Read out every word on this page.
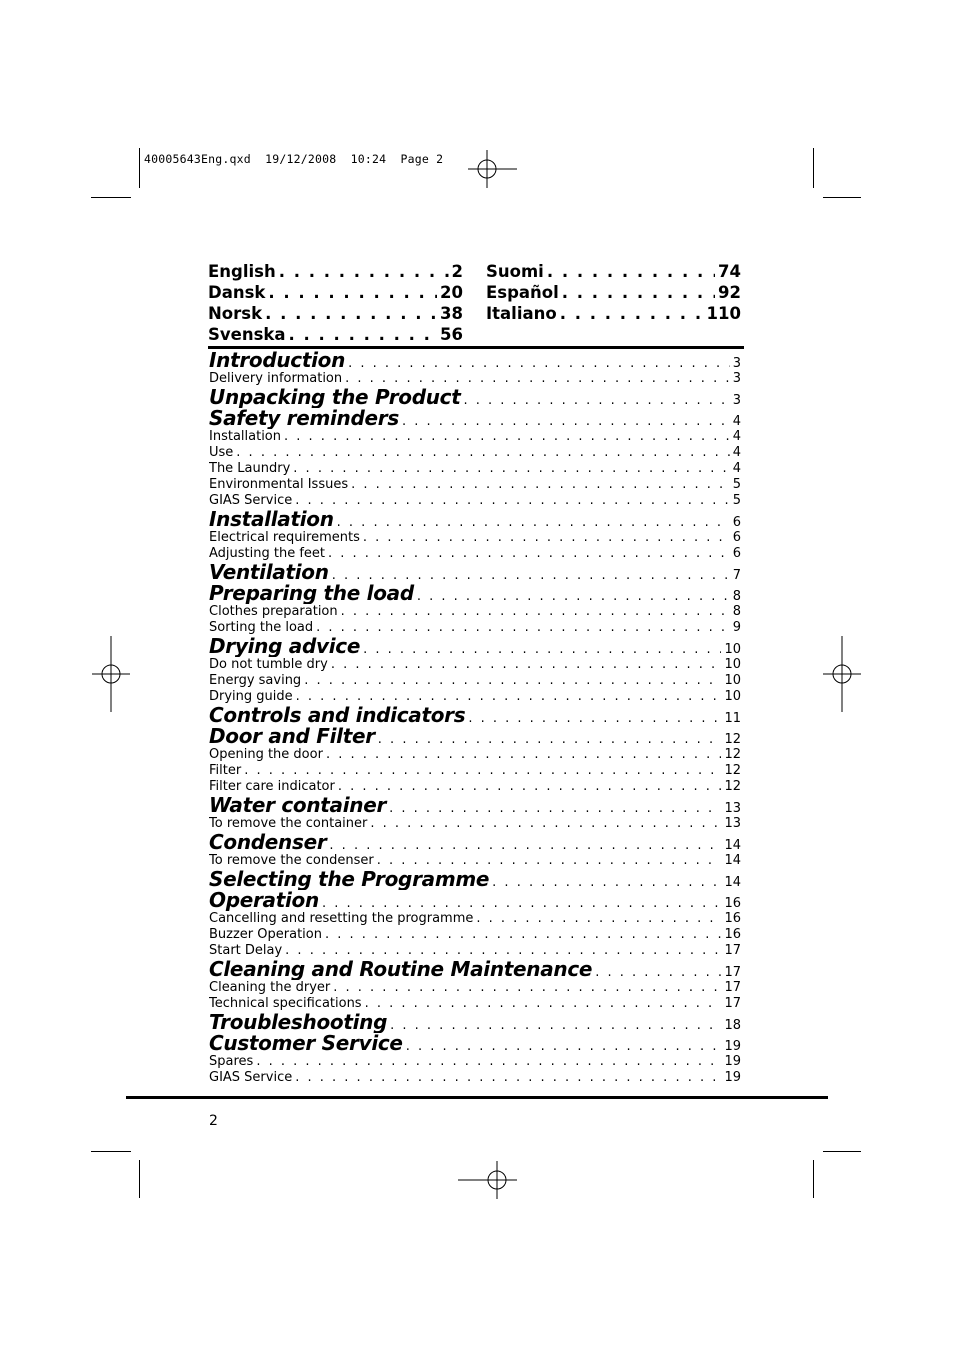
40005643Eng.qxd  19/12/2008  10:24  Page 2
English . . .	2
Dansk . . .	20
Norsk . . .	38
Svenska . . .	56
Suomi . . .	74
Español . . .	92
Italiano . . .	110
Introduction . . .	3
Delivery information . . .	3
Unpacking the Product . . .	3
Safety reminders . . .	4
Installation . . .	4
Use . . .	4
The Laundry . . .	4
Environmental Issues . . .	5
GIAS Service . . .	5
Installation . . .	6
Electrical requirements . . .	6
Adjusting the feet . . .	6
Ventilation . . .	7
Preparing the load . . .	8
Clothes preparation . . .	8
Sorting the load . . .	9
Drying advice . . .	10
Do not tumble dry . . .	10
Energy saving . . .	10
Drying guide . . .	10
Controls and indicators . . .	11
Door and Filter . . .	12
Opening the door . . .	12
Filter . . .	12
Filter care indicator . . .	12
Water container . . .	13
To remove the container . . .	13
Condenser . . .	14
To remove the condenser . . .	14
Selecting the Programme . . .	14
Operation . . .	16
Cancelling and resetting the programme . . .	16
Buzzer Operation . . .	16
Start Delay . . .	17
Cleaning and Routine Maintenance . . .	17
Cleaning the dryer . . .	17
Technical specifications . . .	17
Troubleshooting . . .	18
Customer Service . . .	19
Spares . . .	19
GIAS Service . . .	19
2
